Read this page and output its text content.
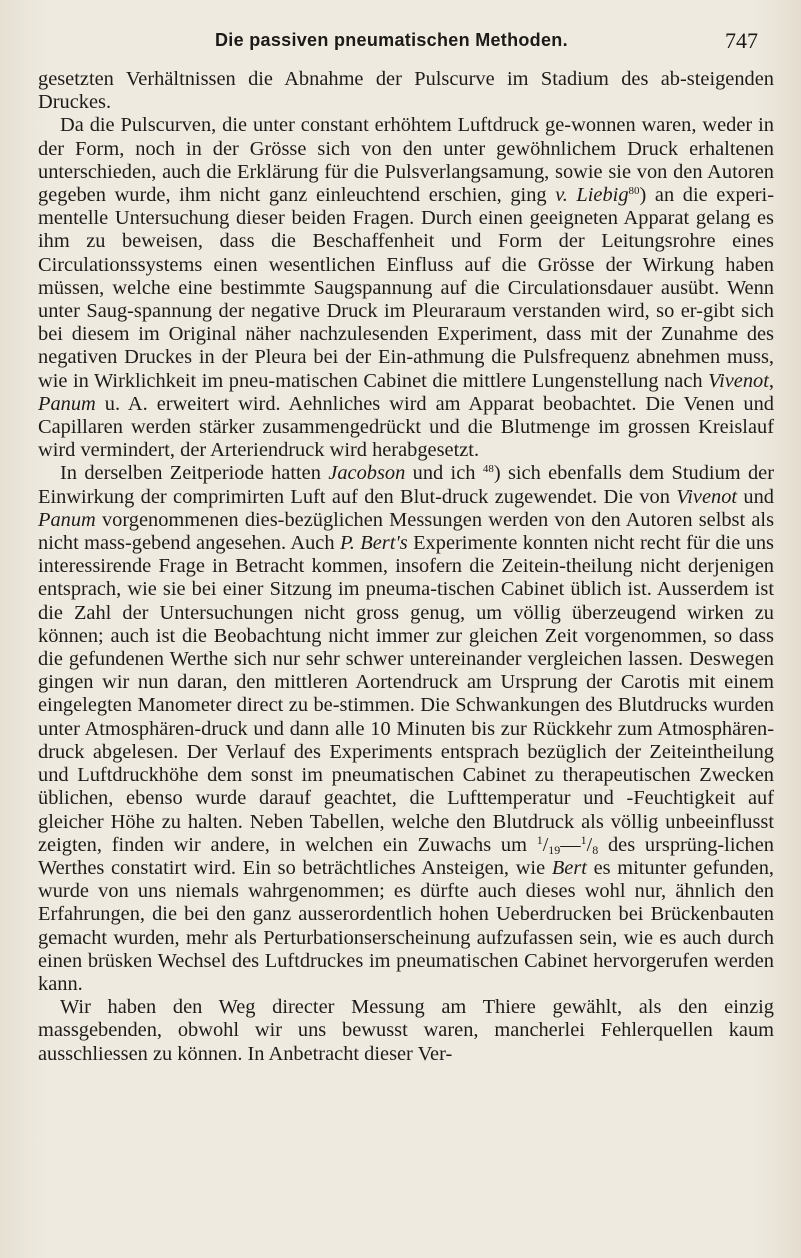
Die passiven pneumatischen Methoden.	747

gesetzten Verhältnissen die Abnahme der Pulscurve im Stadium des ab-steigenden Druckes.

Da die Pulscurven, die unter constant erhöhtem Luftdruck ge-wonnen waren, weder in der Form, noch in der Grösse sich von den unter gewöhnlichem Druck erhaltenen unterschieden, auch die Erklärung für die Pulsverlangsamung, sowie sie von den Autoren gegeben wurde, ihm nicht ganz einleuchtend erschien, ging v. Liebig$^{80}$) an die experi-mentelle Untersuchung dieser beiden Fragen. Durch einen geeigneten Apparat gelang es ihm zu beweisen, dass die Beschaffenheit und Form der Leitungsrohre eines Circulationssystems einen wesentlichen Einfluss auf die Grösse der Wirkung haben müssen, welche eine bestimmte Saugspannung auf die Circulationsdauer ausübt. Wenn unter Saug-spannung der negative Druck im Pleuraraum verstanden wird, so er-gibt sich bei diesem im Original näher nachzulesenden Experiment, dass mit der Zunahme des negativen Druckes in der Pleura bei der Ein-athmung die Pulsfrequenz abnehmen muss, wie in Wirklichkeit im pneu-matischen Cabinet die mittlere Lungenstellung nach Vivenot, Panum u. A. erweitert wird. Aehnliches wird am Apparat beobachtet. Die Venen und Capillaren werden stärker zusammengedrückt und die Blutmenge im grossen Kreislauf wird vermindert, der Arteriendruck wird herabgesetzt.

In derselben Zeitperiode hatten Jacobson und ich $^{48}$) sich ebenfalls dem Studium der Einwirkung der comprimirten Luft auf den Blut-druck zugewendet. Die von Vivenot und Panum vorgenommenen dies-bezüglichen Messungen werden von den Autoren selbst als nicht mass-gebend angesehen. Auch P. Bert's Experimente konnten nicht recht für die uns interessirende Frage in Betracht kommen, insofern die Zeitein-theilung nicht derjenigen entsprach, wie sie bei einer Sitzung im pneuma-tischen Cabinet üblich ist. Ausserdem ist die Zahl der Untersuchungen nicht gross genug, um völlig überzeugend wirken zu können; auch ist die Beobachtung nicht immer zur gleichen Zeit vorgenommen, so dass die gefundenen Werthe sich nur sehr schwer untereinander vergleichen lassen. Deswegen gingen wir nun daran, den mittleren Aortendruck am Ursprung der Carotis mit einem eingelegten Manometer direct zu be-stimmen. Die Schwankungen des Blutdrucks wurden unter Atmosphären-druck und dann alle 10 Minuten bis zur Rückkehr zum Atmosphären-druck abgelesen. Der Verlauf des Experiments entsprach bezüglich der Zeiteintheilung und Luftdruckhöhe dem sonst im pneumatischen Cabinet zu therapeutischen Zwecken üblichen, ebenso wurde darauf geachtet, die Lufttemperatur und -Feuchtigkeit auf gleicher Höhe zu halten. Neben Tabellen, welche den Blutdruck als völlig unbeeinflusst zeigten, finden wir andere, in welchen ein Zuwachs um $^1/_{19}—^1/_8$ des ursprüng-lichen Werthes constatirt wird. Ein so beträchtliches Ansteigen, wie Bert es mitunter gefunden, wurde von uns niemals wahrgenommen; es dürfte auch dieses wohl nur, ähnlich den Erfahrungen, die bei den ganz ausserordentlich hohen Ueberdrucken bei Brückenbauten gemacht wurden, mehr als Perturbationserscheinung aufzufassen sein, wie es auch durch einen brüsken Wechsel des Luftdruckes im pneumatischen Cabinet hervorgerufen werden kann.

Wir haben den Weg directer Messung am Thiere gewählt, als den einzig massgebenden, obwohl wir uns bewusst waren, mancherlei Fehlerquellen kaum ausschliessen zu können. In Anbetracht dieser Ver-
